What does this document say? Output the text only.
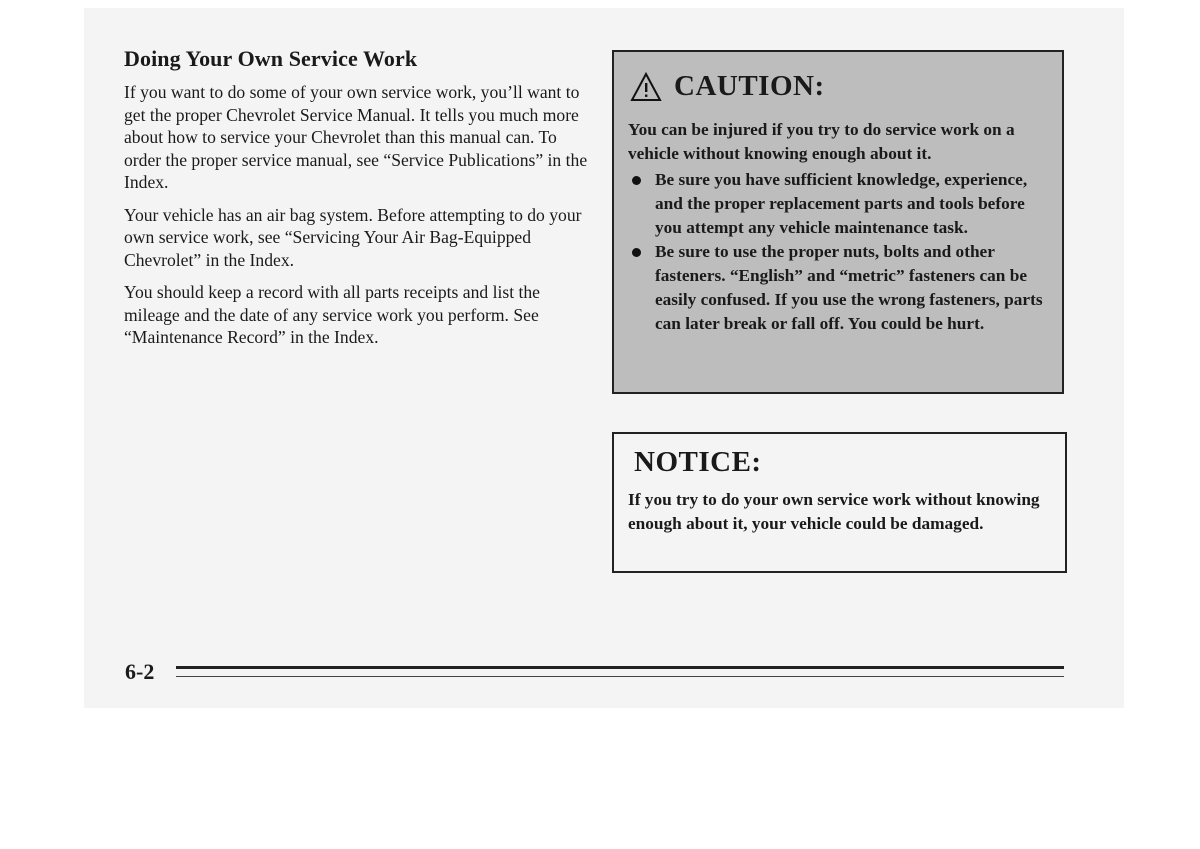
Doing Your Own Service Work

If you want to do some of your own service work, you’ll want to get the proper Chevrolet Service Manual. It tells you much more about how to service your Chevrolet than this manual can. To order the proper service manual, see “Service Publications” in the Index.

Your vehicle has an air bag system. Before attempting to do your own service work, see “Servicing Your Air Bag-Equipped Chevrolet” in the Index.

You should keep a record with all parts receipts and list the mileage and the date of any service work you perform. See “Maintenance Record” in the Index.

CAUTION:
You can be injured if you try to do service work on a vehicle without knowing enough about it.
Be sure you have sufficient knowledge, experience, and the proper replacement parts and tools before you attempt any vehicle maintenance task.
Be sure to use the proper nuts, bolts and other fasteners. “English” and “metric” fasteners can be easily confused. If you use the wrong fasteners, parts can later break or fall off. You could be hurt.
NOTICE:
If you try to do your own service work without knowing enough about it, your vehicle could be damaged.
6-2
